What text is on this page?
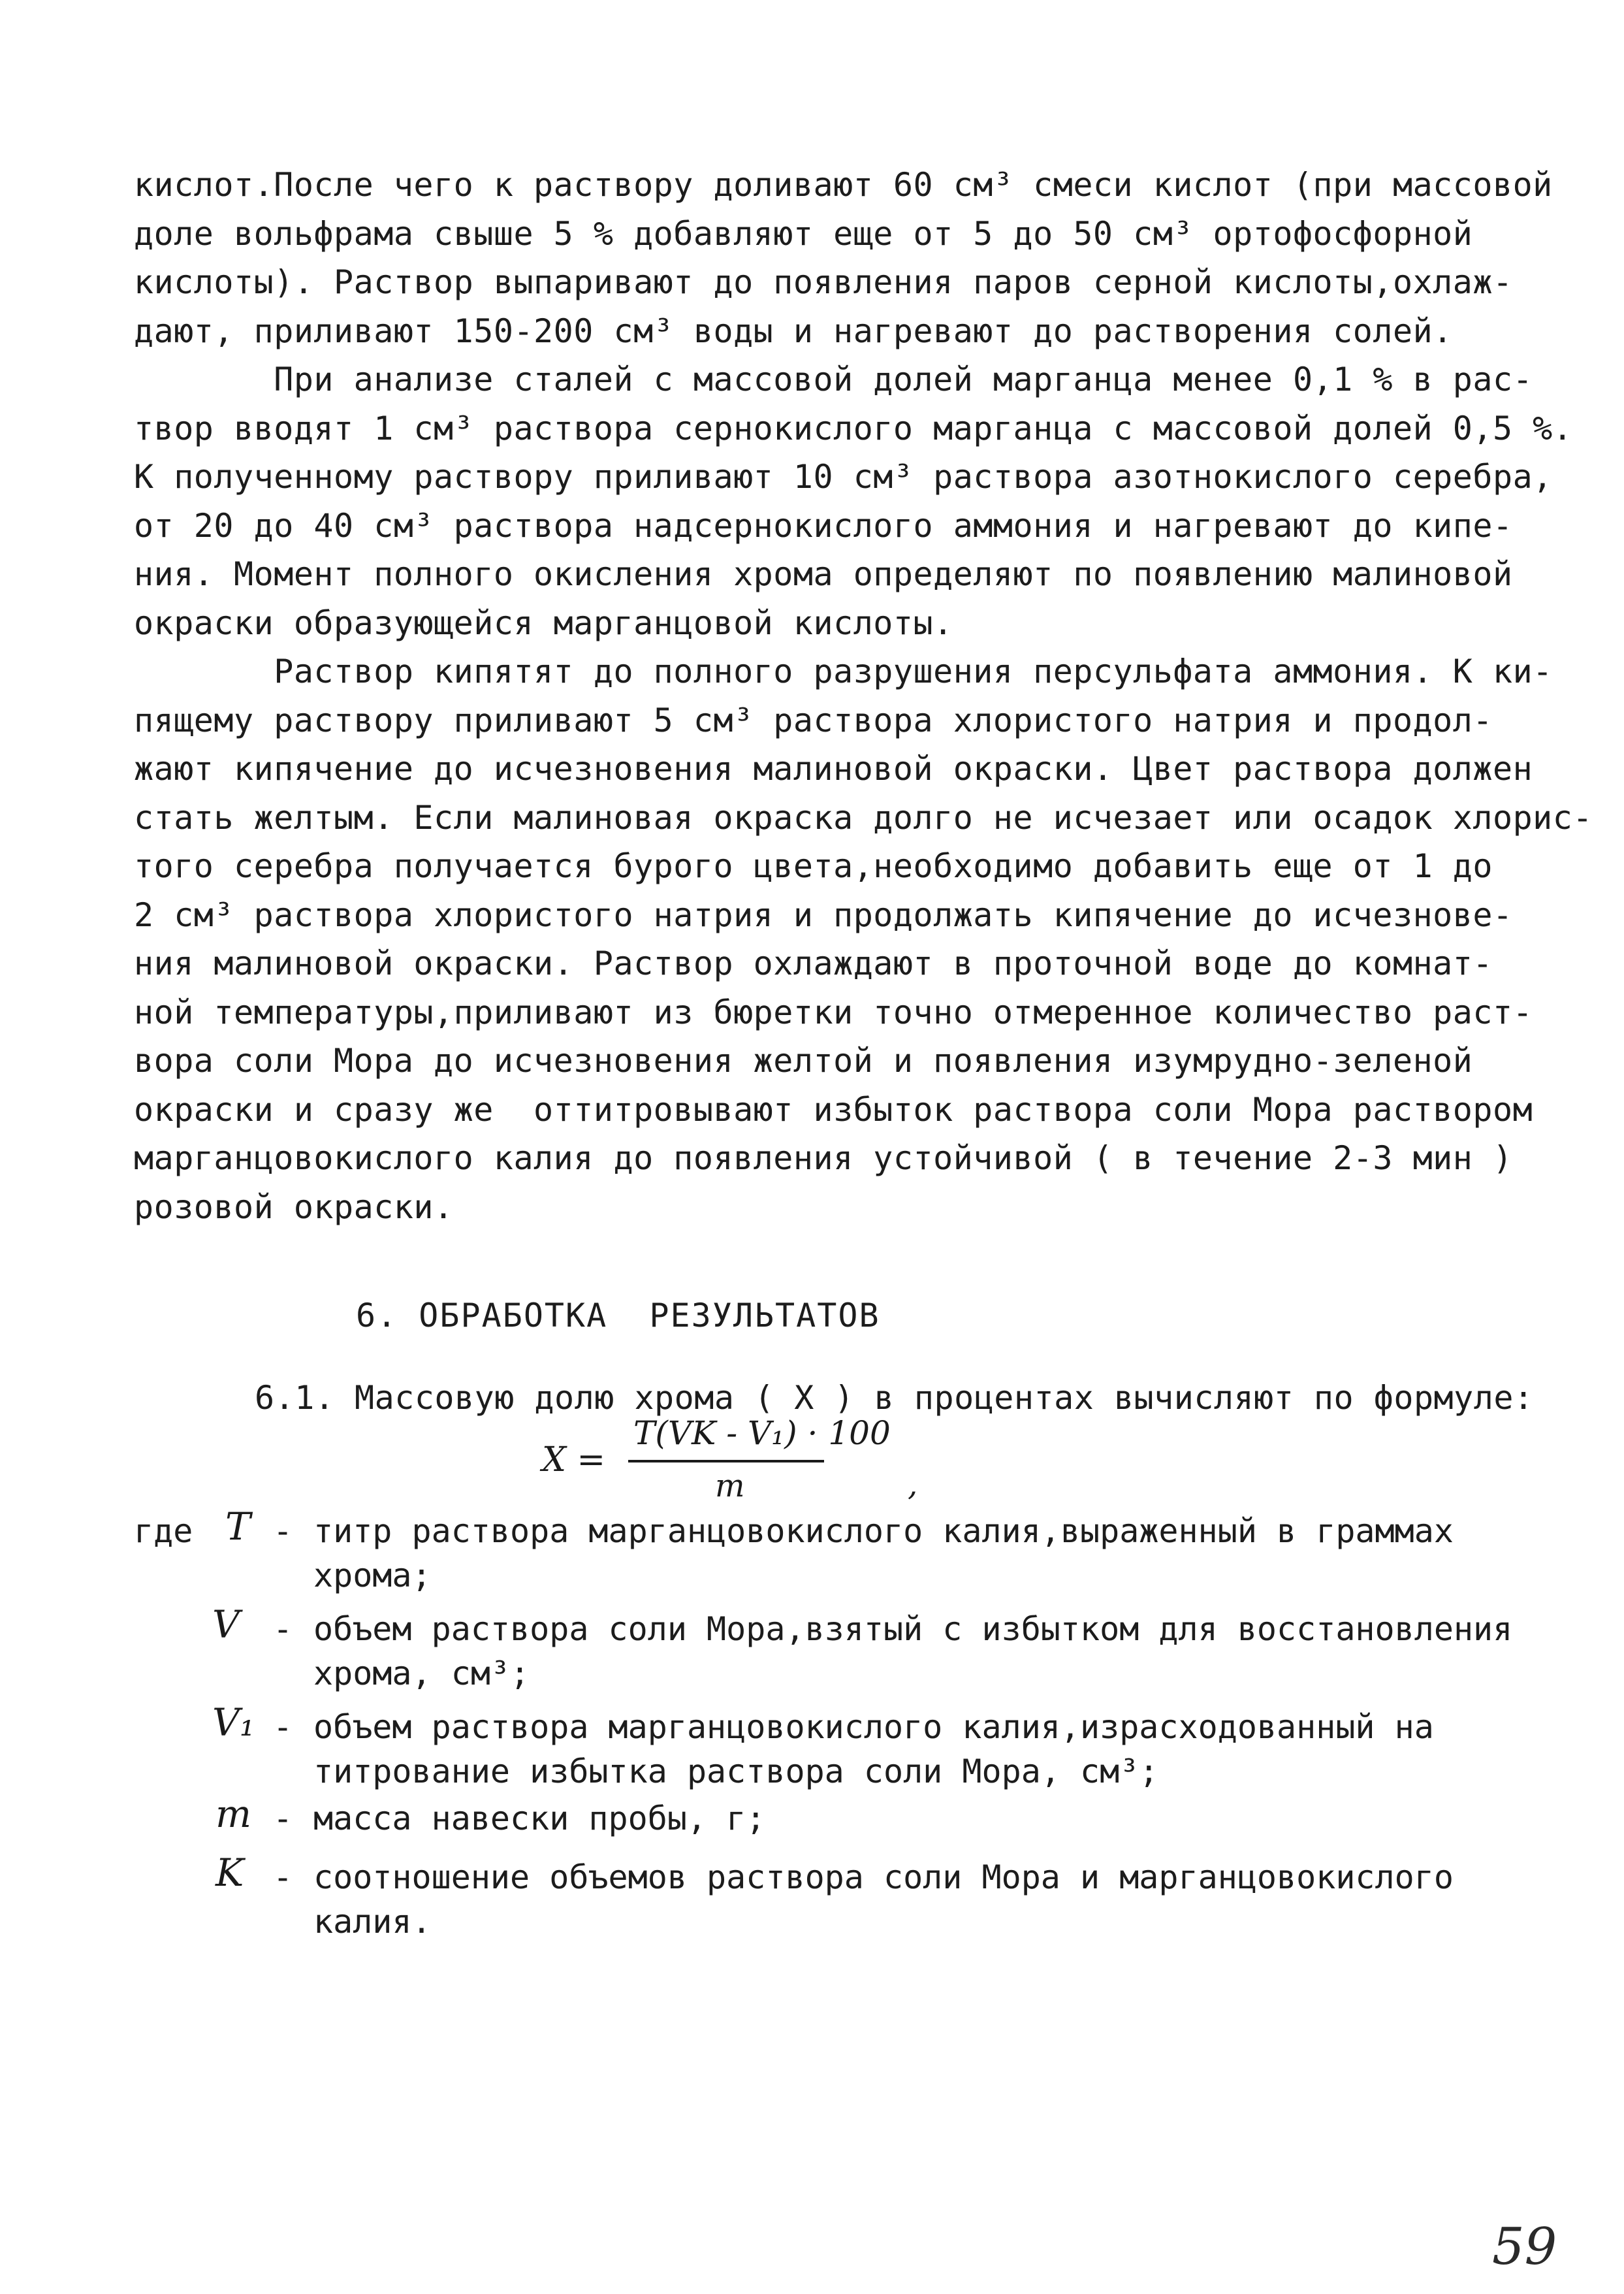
кислот.После чего к раствору доливают 60 см³ смеси кислот (при массовой
доле вольфрама свыше 5 % добавляют еще от 5 до 50 см³ ортофосфорной
кислоты). Раствор выпаривают до появления паров серной кислоты,охлаж-
дают, приливают 150-200 см³ воды и нагревают до растворения солей.
При анализе сталей с массовой долей марганца менее 0,1 % в рас-
твор вводят 1 см³ раствора сернокислого марганца с массовой долей 0,5 %.
К полученному раствору приливают 10 см³ раствора азотнокислого серебра,
от 20 до 40 см³ раствора надсернокислого аммония и нагревают до кипе-
ния. Момент полного окисления хрома определяют по появлению малиновой
окраски образующейся марганцовой кислоты.
Раствор кипятят до полного разрушения персульфата аммония. К ки-
пящему раствору приливают 5 см³ раствора хлористого натрия и продол-
жают кипячение до исчезновения малиновой окраски. Цвет раствора должен
стать желтым. Если малиновая окраска долго не исчезает или осадок хлорис-
того серебра получается бурого цвета,необходимо добавить еще от 1 до
2 см³ раствора хлористого натрия и продолжать кипячение до исчезнове-
ния малиновой окраски. Раствор охлаждают в проточной воде до комнат-
ной температуры,приливают из бюретки точно отмеренное количество раст-
вора соли Мора до исчезновения желтой и появления изумрудно-зеленой
окраски и сразу же  оттитровывают избыток раствора соли Мора раствором
марганцовокислого калия до появления устойчивой ( в течение 2-3 мин )
розовой окраски.
6. ОБРАБОТКА  РЕЗУЛЬТАТОВ
6.1. Массовую долю хрома ( X ) в процентах вычисляют по формуле:
X =
T(VK - V₁) · 100
m	,
где T - титр раствора марганцовокислого калия,выраженный в граммах
хрома;
V - объем раствора соли Мора,взятый с избытком для восстановления
хрома, см³;
V₁ - объем раствора марганцовокислого калия,израсходованный на
титрование избытка раствора соли Мора, см³;
m - масса навески пробы, г;
K - соотношение объемов раствора соли Мора и марганцовокислого
калия.
59
